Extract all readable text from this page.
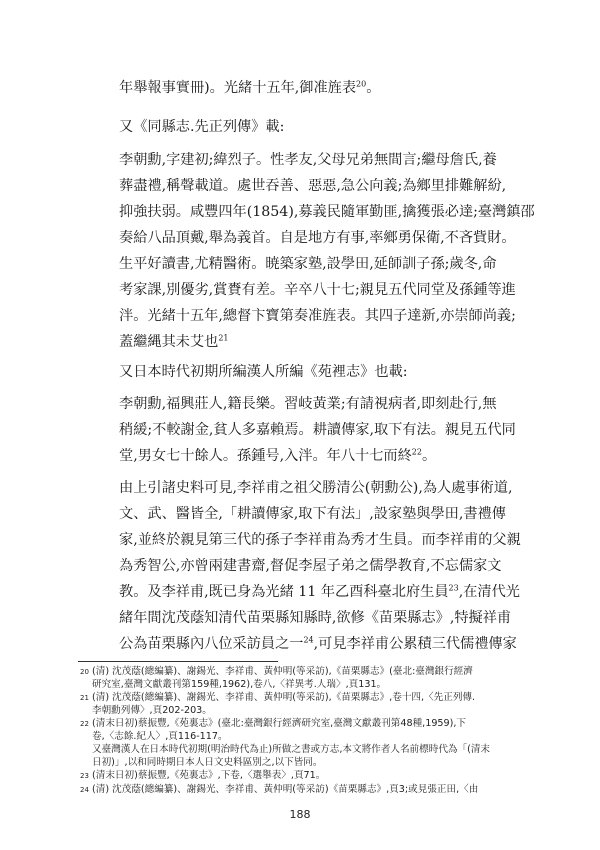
年舉報事實冊)。光緒十五年,御准旌表$^{20}$。
又《同縣志.先正列傳》載:
李朝勳,字建初;緯烈子。性孝友,父母兄弟無間言;繼母詹氏,養
葬盡禮,稱聲載道。處世吞善、惡惡,急公向義;為鄉里排難解紛,
抑強扶弱。咸豐四年(1854),募義民隨軍勤匪,擒獲張必達;臺灣鎮邵
奏給八品頂戴,舉為義首。自是地方有事,率鄉勇保衛,不吝貲財。
生平好讀書,尤精醫術。暁築家塾,設學田,延師訓子孫;歲冬,命
考家課,別優劣,賞賚有差。辛卒八十七;親見五代同堂及孫鍾等進
泮。光緒十五年,總督卞寶第奏准旌表。其四子達新,亦崇師尚義;
蓋繼縄其未艾也$^{21}$
又日本時代初期所編漢人所編《苑裡志》也載:
李朝勳,福興莊人,籍長樂。習岐黃業;有請視病者,即刻赴行,無
稍緩;不較謝金,貧人多嘉賴焉。耕讀傳家,取下有法。親見五代同
堂,男女七十餘人。孫鍾号,入泮。年八十七而終$^{22}$。
由上引諸史料可見,李祥甫之祖父勝清公(朝勳公),為人處事術道,
文、武、醫皆全,「耕讀傳家,取下有法」,設家塾與學田,書禮傳
家,並終於親見第三代的孫子李祥甫為秀才生員。而李祥甫的父親
為秀智公,亦曾兩建書齋,督促李屋子弟之儒學教育,不忘儒家文
教。及李祥甫,既已身為光緒 11 年乙酉科臺北府生員$^{23}$,在清代光
緒年間沈茂蔭知清代苗栗縣知縣時,欲修《苗栗縣志》,特擬祥甫
公為苗栗縣內八位采訪員之一$^{24}$,可見李祥甫公累積三代儒禮傳家
20 (清) 沈茂蔭(總編纂)、謝錫光、李祥甫、黃仲明(等采訪),《苗栗縣志》(臺北:臺灣銀行經濟
研究室,臺灣文獻叢刊第159種,1962),卷八,〈祥異考.人瑞〉,頁131。
21 (清) 沈茂蔭(總編纂)、謝錫光、李祥甫、黃仲明(等采訪),《苗栗縣志》,卷十四,〈先正列傳.
李朝勳列傳〉,頁202-203。
22 (清末日初)蔡振豐,《苑裏志》(臺北:臺灣銀行經濟研究室,臺灣文獻叢刊第48種,1959),下
卷,〈志餘.紀人〉,頁116-117。
又臺灣漢人在日本時代初期(明治時代為止)所做之書或方志,本文將作者人名前標時代為「(清末
日初)」,以和同時期日本人日文史料區別之,以下皆同。
23 (清末日初)蔡振豐,《苑裏志》,下卷,〈選舉表〉,頁71。
24 (清) 沈茂蔭(總編纂)、謝錫光、李祥甫、黃仲明(等采訪)《苗栗縣志》,頁3;或見張正田,〈由
188
